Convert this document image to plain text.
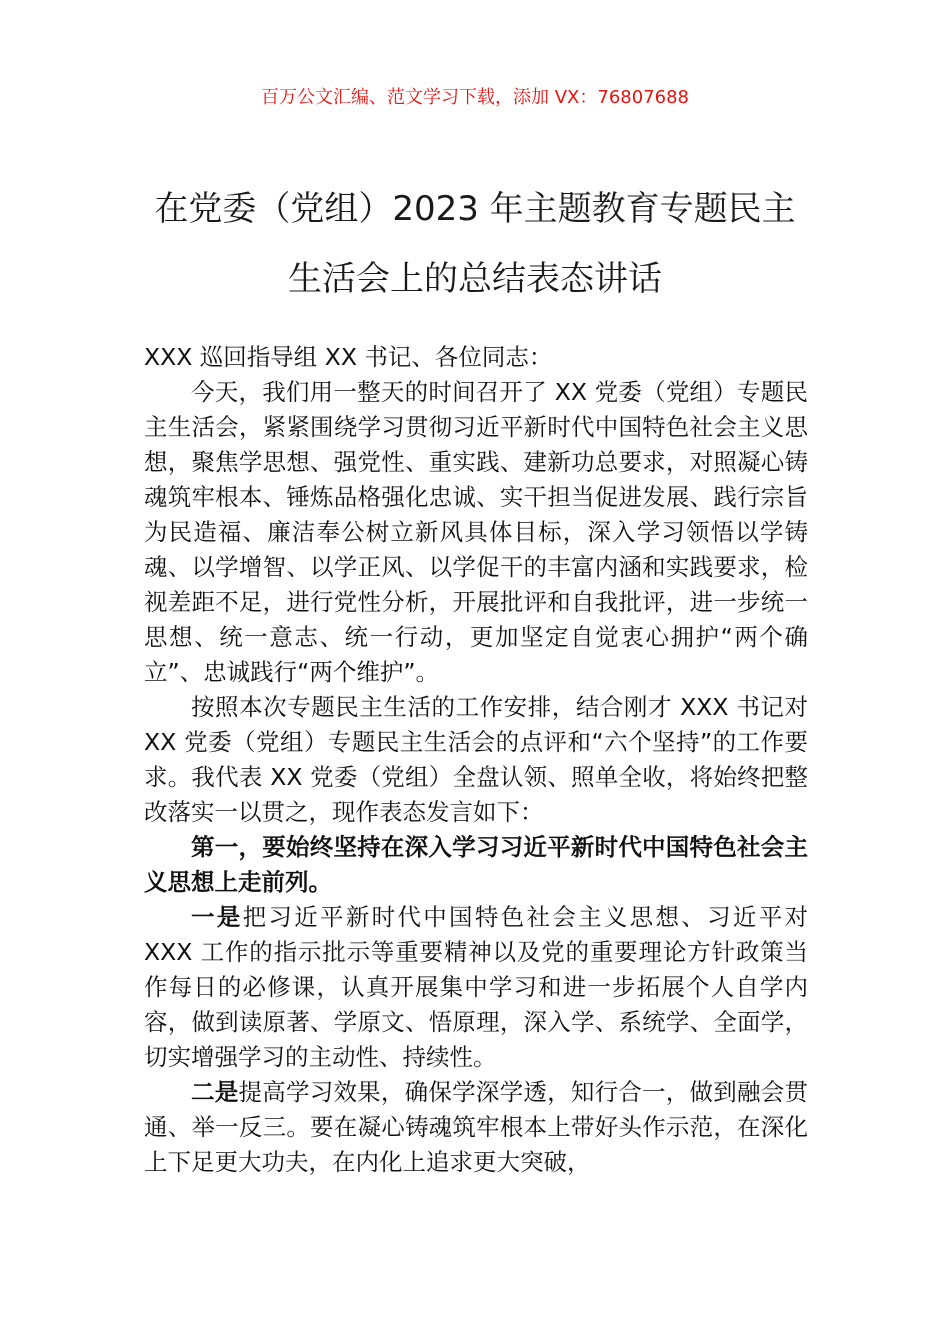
百万公文汇编、范文学习下载，添加 VX：76807688
在党委（党组）2023 年主题教育专题民主
生活会上的总结表态讲话

XXX 巡回指导组 XX 书记、各位同志：

今天，我们用一整天的时间召开了 XX 党委（党组）专题民主生活会，紧紧围绕学习贯彻习近平新时代中国特色社会主义思想，聚焦学思想、强党性、重实践、建新功总要求，对照凝心铸魂筑牢根本、锤炼品格强化忠诚、实干担当促进发展、践行宗旨为民造福、廉洁奉公树立新风具体目标，深入学习领悟以学铸魂、以学增智、以学正风、以学促干的丰富内涵和实践要求，检视差距不足，进行党性分析，开展批评和自我批评，进一步统一思想、统一意志、统一行动，更加坚定自觉衷心拥护“两个确立”、忠诚践行“两个维护”。

按照本次专题民主生活的工作安排，结合刚才 XXX 书记对 XX 党委（党组）专题民主生活会的点评和“六个坚持”的工作要求。我代表 XX 党委（党组）全盘认领、照单全收，将始终把整改落实一以贯之，现作表态发言如下：

第一，要始终坚持在深入学习习近平新时代中国特色社会主义思想上走前列。

一是把习近平新时代中国特色社会主义思想、习近平对 XXX 工作的指示批示等重要精神以及党的重要理论方针政策当作每日的必修课，认真开展集中学习和进一步拓展个人自学内容，做到读原著、学原文、悟原理，深入学、系统学、全面学，切实增强学习的主动性、持续性。

二是提高学习效果，确保学深学透，知行合一，做到融会贯通、举一反三。要在凝心铸魂筑牢根本上带好头作示范，在深化上下足更大功夫，在内化上追求更大突破，
